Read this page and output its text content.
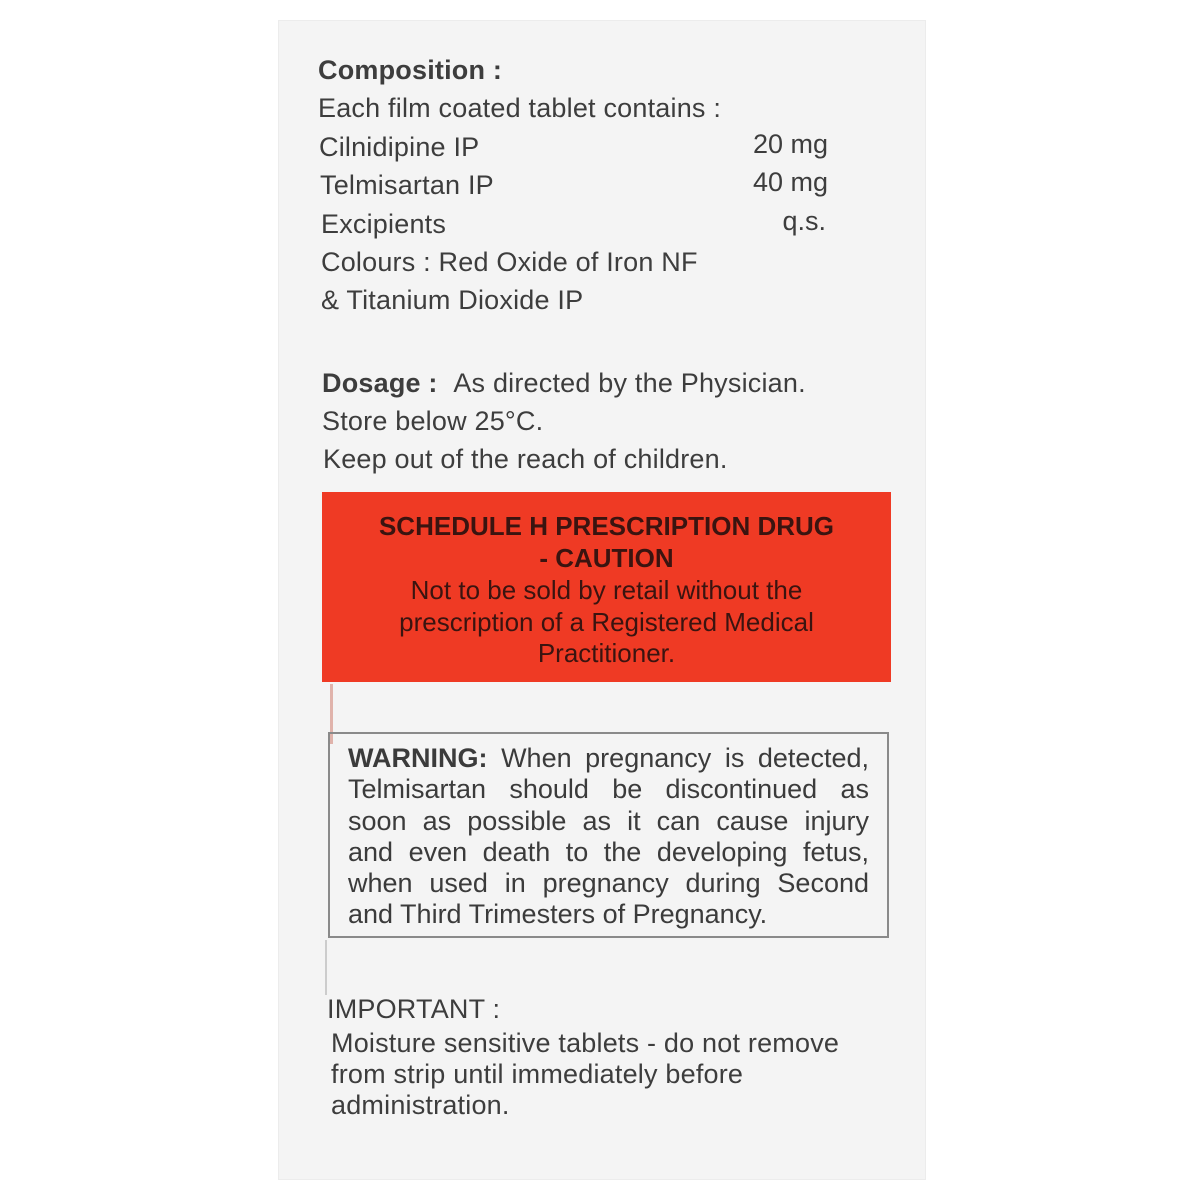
Composition :
Each film coated tablet contains :
Cilnidipine IP	20 mg
Telmisartan IP	40 mg
Excipients	q.s.
Colours : Red Oxide of Iron NF
& Titanium Dioxide IP
Dosage : As directed by the Physician.
Store below 25°C.
Keep out of the reach of children.
SCHEDULE H PRESCRIPTION DRUG
- CAUTION
Not to be sold by retail without the
prescription of a Registered Medical
Practitioner.
WARNING: When pregnancy is detected,
Telmisartan should be discontinued as
soon as possible as it can cause injury
and even death to the developing fetus,
when used in pregnancy during Second
and Third Trimesters of Pregnancy.
IMPORTANT :
Moisture sensitive tablets - do not remove
from strip until immediately before
administration.
